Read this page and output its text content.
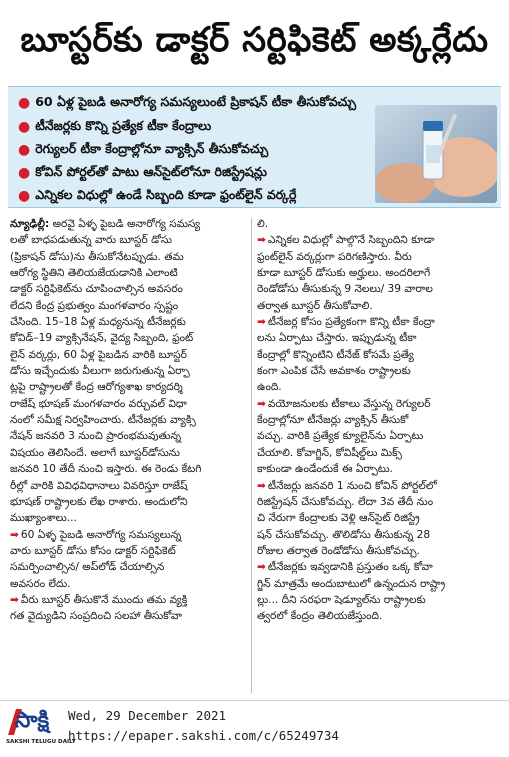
బూస్టర్‌కు డాక్టర్‌ సర్టిఫికెట్‌ అక్కర్లేదు
● 60 ఏళ్ల పైబడి అనారోగ్య సమస్యలుంటే ప్రికాషన్‌ టీకా తీసుకోవచ్చు
● టీనేజర్లకు కొన్ని ప్రత్యేక టీకా కేంద్రాలు
● రెగ్యులర్‌ టీకా కేంద్రాల్లోనూ వ్యాక్సిన్‌ తీసుకోవచ్చు
● కోవిన్‌ పోర్టల్‌తో పాటు ఆన్‌సైట్‌లోనూ రిజిస్ట్రేషన్లు
● ఎన్నికల విధుల్లో ఉండే సిబ్బంది కూడా ఫ్రంట్‌లైన్‌ వర్కర్లే
న్యూఢిల్లీ: అరవై ఏళ్ళ పైబడి అనారోగ్య సమస్య
లతో బాధపడుతున్న వారు బూస్టర్‌ డోసు
(ప్రికాషన్‌ డోసు)ను తీసుకోనేటప్పుడు. తమ
ఆరోగ్య స్థితిని తెలియజేయడానికి ఎలాంటి
డాక్టర్‌ సర్టిఫికెట్‌ను చూపించాల్సిన అవసరం
లేదని కేంద్ర ప్రభుత్వం మంగళవారం స్పష్టం
చేసింది. 15–18 ఏళ్ల మధ్యనున్న టీనేజర్లకు
కోవిడ్‌–19 వ్యాక్సినేషన్‌, వైద్య సిబ్బంది, ఫ్రంట్‌
లైన్‌ వర్కర్లు, 60 ఏళ్ల పైబడిన వారికి బూస్టర్‌
డోసు ఇచ్చేందుకు వీలుగా జరుగుతున్న ఏర్పా
ట్లపై రాష్ట్రాలతో కేంద్ర ఆరోగ్యశాఖ కార్యదర్శి
రాజేష్‌ భూషణ్‌ మంగళవారం వర్చువల్‌ విధా
నంలో సమీక్ష నిర్వహించారు. టీనేజర్లకు వ్యాక్సి
నేషన్‌ జనవరి 3 నుంచి ప్రారంభమవుతున్న
విషయం తెలిసిందే. అలాగే బూస్టర్‌డోసును
జనవరి 10 తేదీ నుంచి ఇస్తారు. ఈ రెండు కేటగి
రీల్లో వారికి వివిధవిధానాలు వివరిస్తూ రాజేష్‌
భూషణ్‌ రాష్ట్రాలకు లేఖ రాశారు. అందులోని
ముఖ్యాంశాలు...
➡ 60 ఏళ్ళ పైబడి అనారోగ్య సమస్యలున్న
వారు బూస్టర్‌ డోసు కోసం డాక్టర్‌ సర్టిఫికెట్‌
సమర్పించాల్సిన/ అప్‌లోడ్‌ చేయాల్సిన
అవసరం లేదు.
➡ వీరు బూస్టర్‌ తీసుకొనే ముందు తమ వ్యక్తి
గత వైద్యుడిని సంప్రదించి సలహా తీసుకోవా
లి.
➡ ఎన్నికల విధుల్లో పాల్గొనే సిబ్బందిని కూడా
ఫ్రంట్‌లైన్‌ వర్కర్లుగా పరిగణిస్తారు. వీరు
కూడా బూస్టర్‌ డోసుకు అర్హులు. అందరిలాగే
రెండోడోసు తీసుకున్న 9 నెలలు/ 39 వారాల
తర్వాత బూస్టర్‌ తీసుకోవాలి.
➡ టీనేజర్ల కోసం ప్రత్యేకంగా కొన్ని టీకా కేంద్రా
లను ఏర్పాటు చేస్తారు. ఇప్పుడున్న టీకా
కేంద్రాల్లో కొన్నింటిని టీనేజ్‌ కోసమే ప్రత్యే
కంగా ఎంపిక చేసే అవకాశం రాష్ట్రాలకు
ఉంది.
➡ వయోజనులకు టీకాలు వేస్తున్న రెగ్యులర్‌
కేంద్రాల్లోనూ టీనేజర్లు వ్యాక్సిన్‌ తీసుకో
వచ్చు. వారికి ప్రత్యేక క్యూలైన్‌ను ఏర్పాటు
చేయాలి. కోవాగ్జిన్‌, కోవిషీల్డ్‌లు మిక్స్‌
కాకుండా ఉండేందుకే ఈ ఏర్పాటు.
➡ టీనేజర్లు జనవరి 1 నుంచి కోవిన్‌ పోర్టల్‌లో
రిజిస్ట్రేషన్‌ చేసుకోవచ్చు. లేదా 3వ తేదీ నుం
చి నేరుగా కేంద్రాలకు వెళ్లి ఆన్‌సైట్‌ రిజిస్ట్రే
షన్‌ చేసుకోవచ్చు. తొలిడోసు తీసుకున్న 28
రోజుల తర్వాత రెండోడోసు తీసుకోవచ్చు.
➡ టీనేజర్లకు ఇవ్వడానికి ప్రస్తుతం ఒక్క కోవా
గ్జిన్‌ మాత్రమే అందుబాటులో ఉన్నందున రాష్ట్రా
ల్లు... దీని సరఫరా షెడ్యూల్‌ను రాష్ట్రాలకు
త్వరలో కేంద్రం తెలియజేస్తుంది.
సాక్షి
SAKSHI TELUGU DAILY
Wed, 29 December 2021
https://epaper.sakshi.com/c/65249734
